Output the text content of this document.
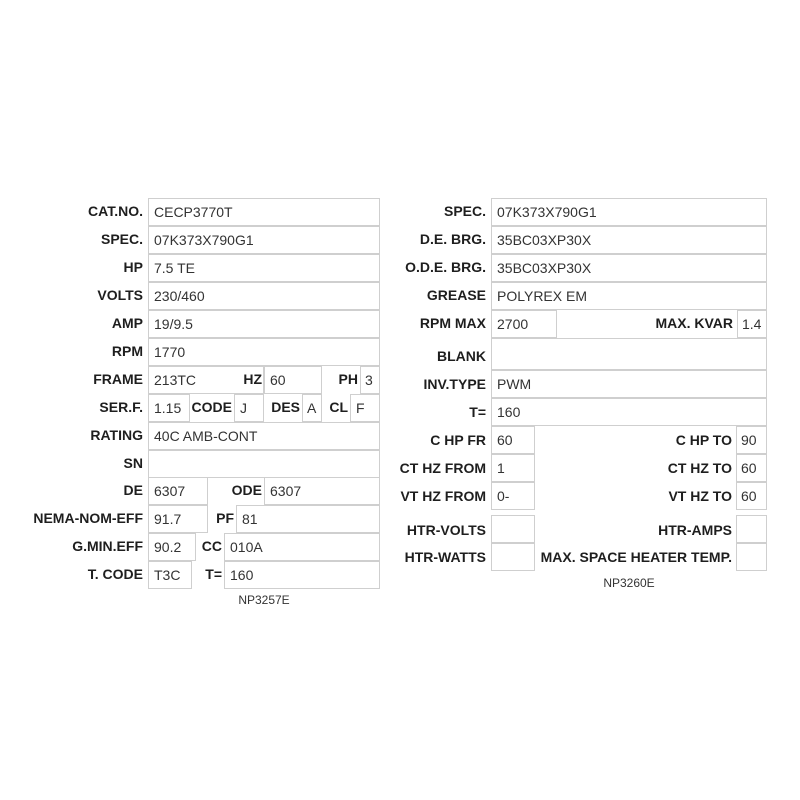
CAT.NO. CECP3770T
SPEC. 07K373X790G1
HP 7.5 TE
VOLTS 230/460
AMP 19/9.5
RPM 1770
FRAME 213TC	HZ 60	PH 3
SER.F. 1.15 CODE J	DES A CL F
RATING 40C AMB-CONT
SN
DE 6307	ODE 6307
NEMA-NOM-EFF 91.7	PF 81
G.MIN.EFF 90.2	CC 010A
T. CODE T3C	T= 160
NP3257E
SPEC. 07K373X790G1
D.E. BRG. 35BC03XP30X
O.D.E. BRG. 35BC03XP30X
GREASE POLYREX EM
RPM MAX 2700	MAX. KVAR 1.4
BLANK
INV.TYPE PWM
T= 160
C HP FR 60	C HP TO 90
CT HZ FROM 1	CT HZ TO 60
VT HZ FROM 0-	VT HZ TO 60
HTR-VOLTS	HTR-AMPS
HTR-WATTS	MAX. SPACE HEATER TEMP.
NP3260E
